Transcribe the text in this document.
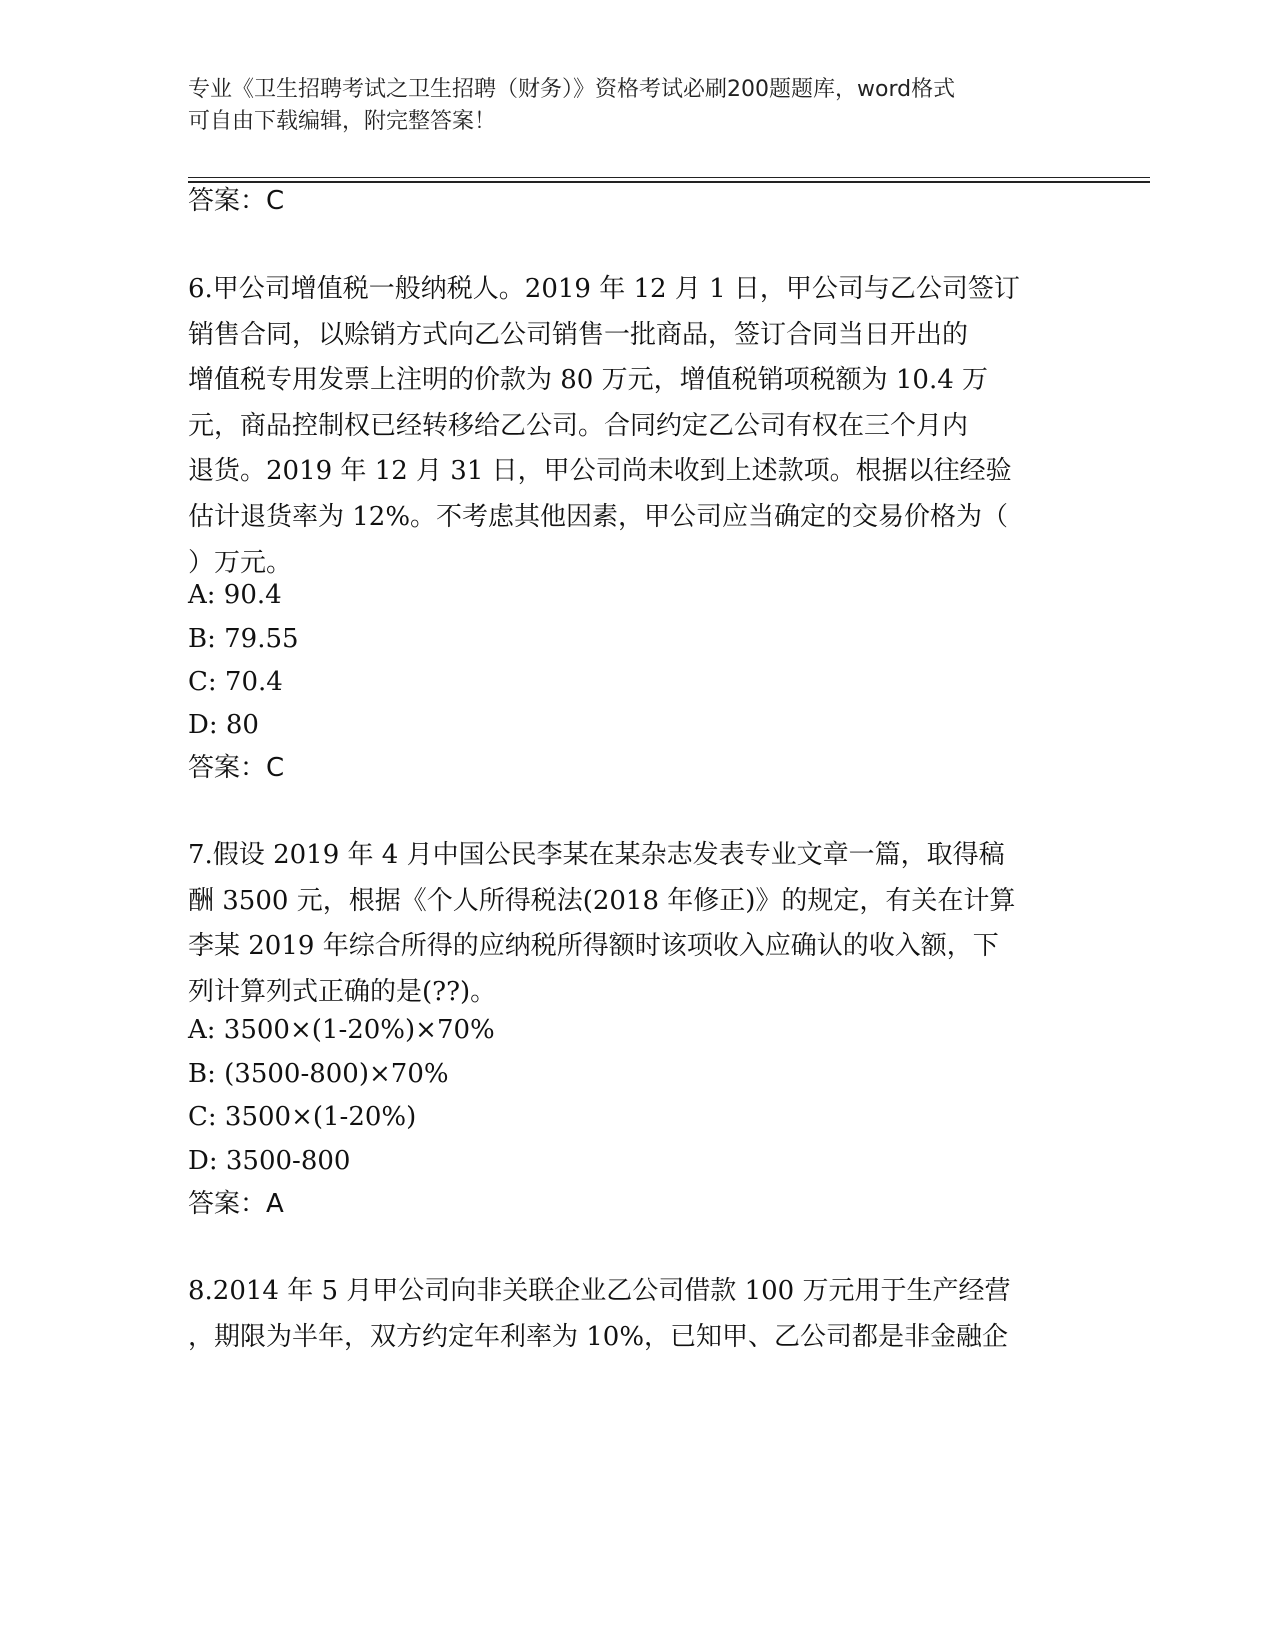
专业《卫生招聘考试之卫生招聘（财务）》资格考试必刷200题题库，word格式
可自由下载编辑，附完整答案！
答案：C
6.甲公司增值税一般纳税人。2019 年 12 月 1 日，甲公司与乙公司签订
销售合同，以赊销方式向乙公司销售一批商品，签订合同当日开出的
增值税专用发票上注明的价款为 80 万元，增值税销项税额为 10.4 万
元，商品控制权已经转移给乙公司。合同约定乙公司有权在三个月内
退货。2019 年 12 月 31 日，甲公司尚未收到上述款项。根据以往经验
估计退货率为 12%。不考虑其他因素，甲公司应当确定的交易价格为（
）万元。
A: 90.4
B: 79.55
C: 70.4
D: 80
答案：C
7.假设 2019 年 4 月中国公民李某在某杂志发表专业文章一篇，取得稿
酬 3500 元，根据《个人所得税法(2018 年修正)》的规定，有关在计算
李某 2019 年综合所得的应纳税所得额时该项收入应确认的收入额，下
列计算列式正确的是(??)。
A: 3500×(1-20%)×70%
B: (3500-800)×70%
C: 3500×(1-20%)
D: 3500-800
答案：A
8.2014 年 5 月甲公司向非关联企业乙公司借款 100 万元用于生产经营
，期限为半年，双方约定年利率为 10%，已知甲、乙公司都是非金融企
